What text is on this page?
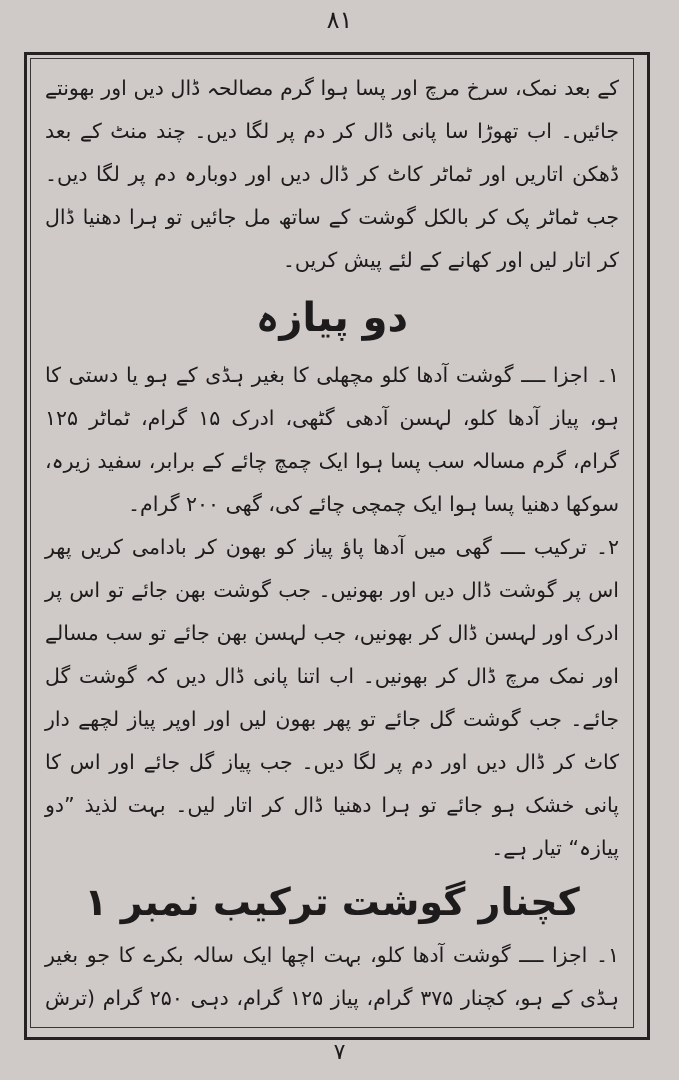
۸۱

کے بعد نمک، سرخ مرچ اور پسا ہوا گرم مصالحہ ڈال دیں اور بھونتے جائیں۔ اب تھوڑا سا پانی ڈال کر دم پر لگا دیں۔ چند منٹ کے بعد ڈھکن اتاریں اور ٹماٹر کاٹ کر ڈال دیں اور دوبارہ دم پر لگا دیں۔ جب ٹماٹر پک کر بالکل گوشت کے ساتھ مل جائیں تو ہرا دھنیا ڈال کر اتار لیں اور کھانے کے لئے پیش کریں۔

دو پیازہ

۱۔ اجزا ــــ گوشت آدھا کلو مچھلی کا بغیر ہڈی کے ہو یا دستی کا ہو، پیاز آدھا کلو، لہسن آدھی گٹھی، ادرک ۱۵ گرام، ٹماٹر ۱۲۵ گرام، گرم مسالہ سب پسا ہوا ایک چمچ چائے کے برابر، سفید زیرہ، سوکھا دھنیا پسا ہوا ایک چمچی چائے کی، گھی ۲۰۰ گرام۔

۲۔ ترکیب ــــ گھی میں آدھا پاؤ پیاز کو بھون کر بادامی کریں پھر اس پر گوشت ڈال دیں اور بھونیں۔ جب گوشت بھن جائے تو اس پر ادرک اور لہسن ڈال کر بھونیں، جب لہسن بھن جائے تو سب مسالے اور نمک مرچ ڈال کر بھونیں۔ اب اتنا پانی ڈال دیں کہ گوشت گل جائے۔ جب گوشت گل جائے تو پھر بھون لیں اور اوپر پیاز لچھے دار کاٹ کر ڈال دیں اور دم پر لگا دیں۔ جب پیاز گل جائے اور اس کا پانی خشک ہو جائے تو ہرا دھنیا ڈال کر اتار لیں۔ بہت لذیذ ”دو پیازہ“ تیار ہے۔

کچنار گوشت ترکیب نمبر ۱

۱۔ اجزا ــــ گوشت آدھا کلو، بہت اچھا ایک سالہ بکرے کا جو بغیر ہڈی کے ہو، کچنار ۳۷۵ گرام، پیاز ۱۲۵ گرام، دہی ۲۵۰ گرام (ترش

۷
